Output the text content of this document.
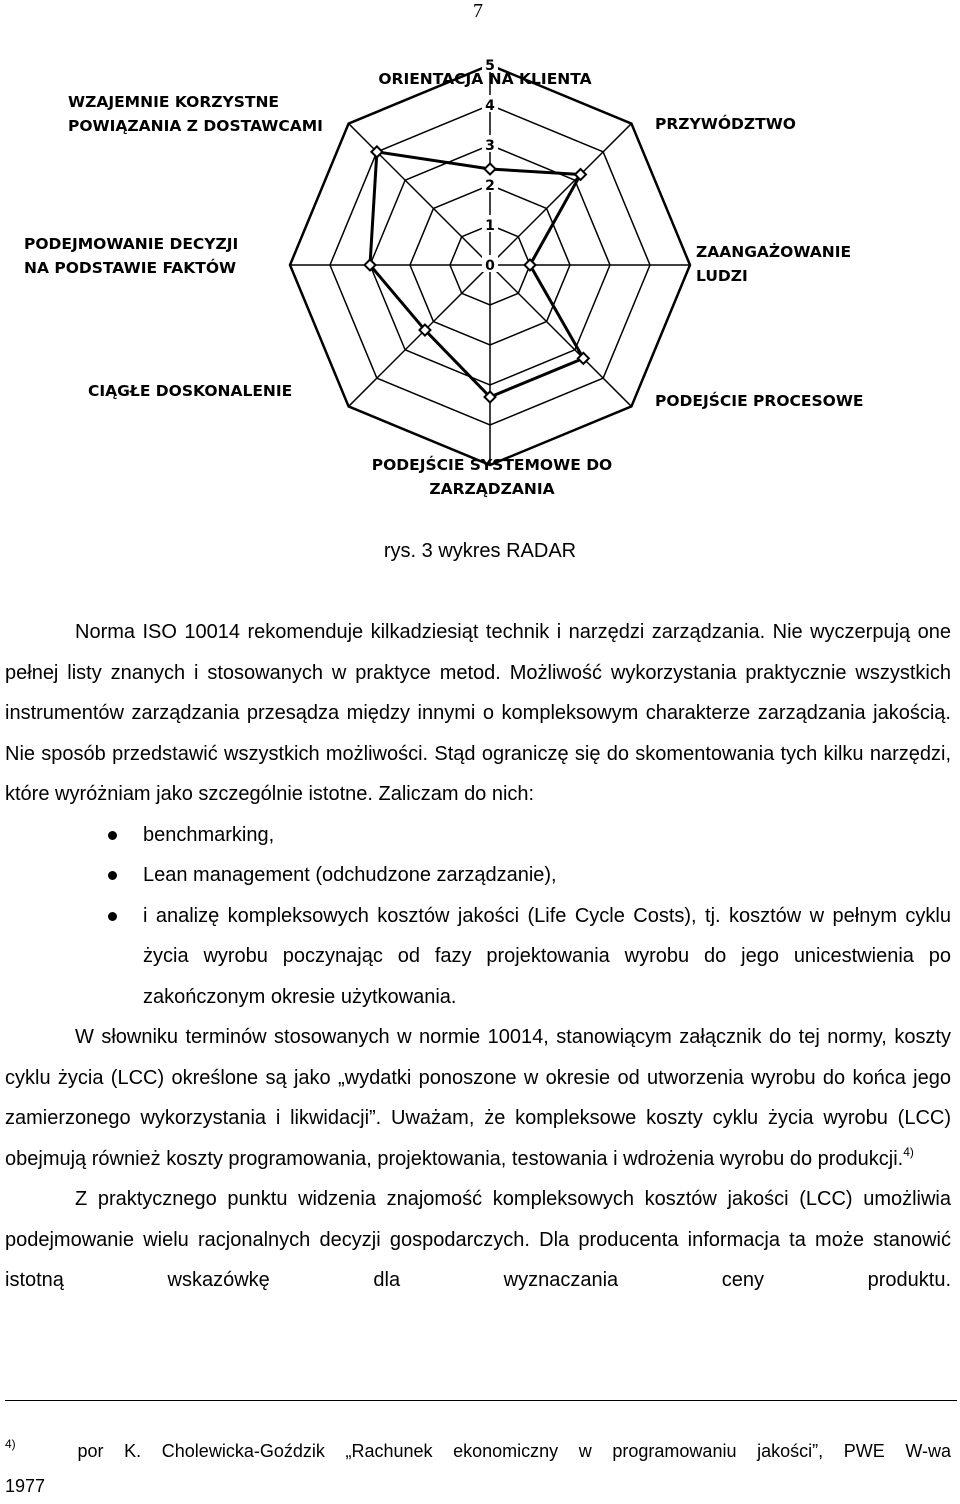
7
0
1
2
3
4
5
ORIENTACJA NA KLIENTA
PRZYWÓDZTWO
ZAANGAŻOWANIE
LUDZI
PODEJŚCIE PROCESOWE
PODEJŚCIE SYSTEMOWE DO
ZARZĄDZANIA
CIĄGŁE DOSKONALENIE
PODEJMOWANIE DECYZJI
NA PODSTAWIE FAKTÓW
WZAJEMNIE KORZYSTNE
POWIĄZANIA Z DOSTAWCAMI
rys. 3 wykres RADAR

Norma ISO 10014 rekomenduje kilkadziesiąt technik i narzędzi zarządzania. Nie wyczerpują one pełnej listy znanych i stosowanych w praktyce metod. Możliwość wykorzystania praktycznie wszystkich instrumentów zarządzania przesądza między innymi o kompleksowym charakterze zarządzania jakością. Nie sposób przedstawić wszystkich możliwości. Stąd ograniczę się do skomentowania tych kilku narzędzi, które wyróżniam jako szczególnie istotne. Zaliczam do nich:

benchmarking,
Lean management (odchudzone zarządzanie),
i analizę kompleksowych kosztów jakości (Life Cycle Costs), tj. kosztów w pełnym cyklu życia wyrobu poczynając od fazy projektowania wyrobu do jego unicestwienia po zakończonym okresie użytkowania.

W słowniku terminów stosowanych w normie 10014, stanowiącym załącznik do tej normy, koszty cyklu życia (LCC) określone są jako „wydatki ponoszone w okresie od utworzenia wyrobu do końca jego zamierzonego wykorzystania i likwidacji”. Uważam, że kompleksowe koszty cyklu życia wyrobu (LCC) obejmują również koszty programowania, projektowania, testowania i wdrożenia wyrobu do produkcji.$^{4)}$

Z praktycznego punktu widzenia znajomość kompleksowych kosztów jakości (LCC) umożliwia podejmowanie wielu racjonalnych decyzji gospodarczych. Dla producenta informacja ta może stanowić istotną wskazówkę dla wyznaczania ceny produktu.

$^{4)}$	por K. Cholewicka-Goździk „Rachunek ekonomiczny w programowaniu jakości”, PWE W-wa
1977
